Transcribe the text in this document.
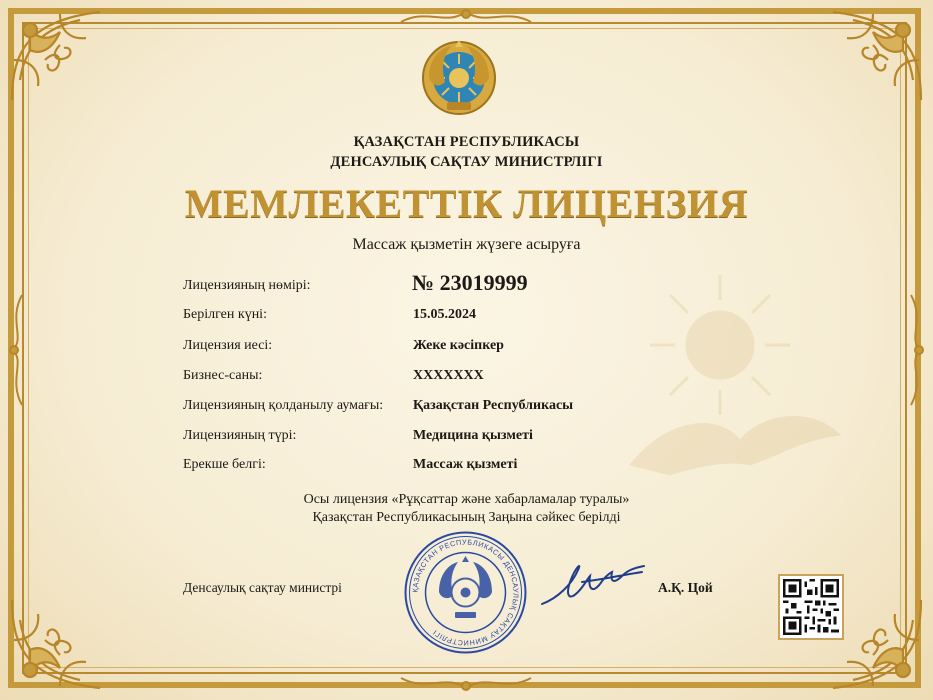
ҚАЗАҚСТАН РЕСПУБЛИКАСЫ
ДЕНСАУЛЫҚ САҚТАУ МИНИСТРЛІГІ
МЕМЛЕКЕТТІК ЛИЦЕНЗИЯ
Массаж қызметін жүзеге асыруға
Лицензияның нөмірі:	№ 23019999
Берілген күні:	15.05.2024
Лицензия иесі:	Жеке кәсіпкер
Бизнес-саны:	XXXXXXX
Лицензияның қолданылу аумағы: Қазақстан Республикасы
Лицензияның түрі:	Медицина қызметі
Ерекше белгі:	Массаж қызметі
Осы лицензия «Рұқсаттар және хабарламалар туралы»
Қазақстан Республикасының Заңына сәйкес берілді
Денсаулық сақтау министрі	ҚАЗАҚСТАН РЕСПУБЛИКАСЫ ДЕНСАУЛЫҚ САҚТАУ МИНИСТРЛІГІ
А.Қ. Цой
